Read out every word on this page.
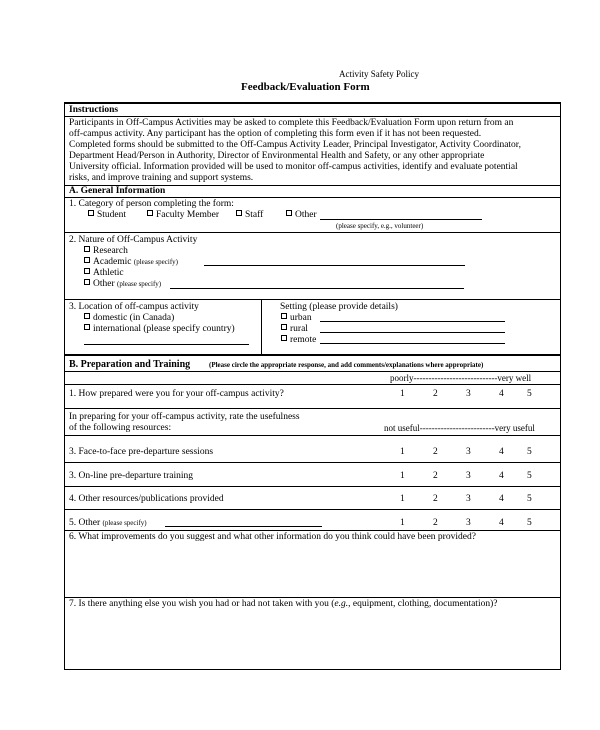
Activity Safety Policy
Feedback/Evaluation Form
Instructions
Participants in Off-Campus Activities may be asked to complete this Feedback/Evaluation Form upon return from an
off-campus activity. Any participant has the option of completing this form even if it has not been requested.
Completed forms should be submitted to the Off-Campus Activity Leader, Principal Investigator, Activity Coordinator,
Department Head/Person in Authority, Director of Environmental Health and Safety, or any other appropriate
University official. Information provided will be used to monitor off-campus activities, identify and evaluate potential
risks, and improve training and support systems.
A. General Information
1. Category of person completing the form:
Student	Faculty Member	Staff	Other
(please specify, e.g., volunteer)
2. Nature of Off-Campus Activity
Research
Academic (please specify)
Athletic
Other (please specify)
3. Location of off-campus activity
domestic (in Canada)
international (please specify country)
Setting (please provide details)
urban
rural
remote
B. Preparation and Training	(Please circle the appropriate response, and add comments/explanations where appropriate)
poorly----------------------------very well
1. How prepared were you for your off-campus activity?	1	2	3	4 5
In preparing for your off-campus activity, rate the usefulness
of the following resources:	not useful-------------------------very useful
3. Face-to-face pre-departure sessions	1	2	3	4 5
3. On-line pre-departure training	1	2	3	4 5
4. Other resources/publications provided	1	2	3	4 5
5. Other (please specify)	1	2	3	4 5
6. What improvements do you suggest and what other information do you think could have been provided?
7. Is there anything else you wish you had or had not taken with you (e.g., equipment, clothing, documentation)?
